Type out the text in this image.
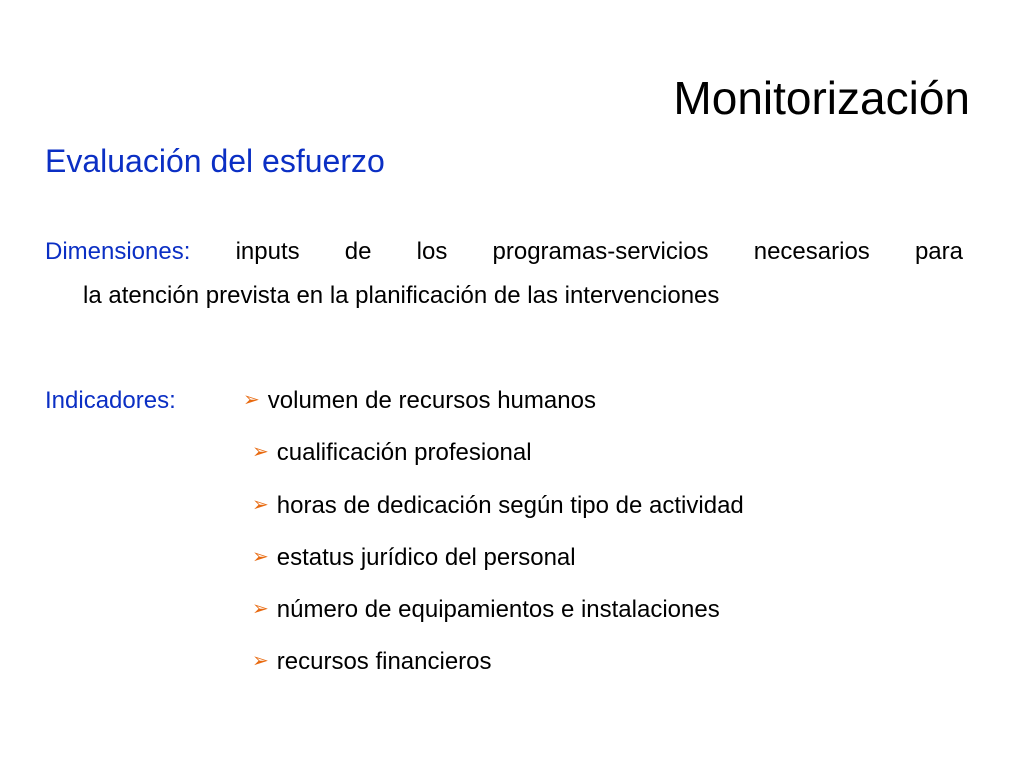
Monitorización
Evaluación del esfuerzo
Dimensiones: inputs de los programas-servicios necesarios para
la atención prevista en la planificación de las intervenciones
Indicadores:	➢ volumen de recursos humanos
➢ cualificación profesional
➢ horas de dedicación según tipo de actividad
➢ estatus jurídico del personal
➢ número de equipamientos e instalaciones
➢ recursos financieros
